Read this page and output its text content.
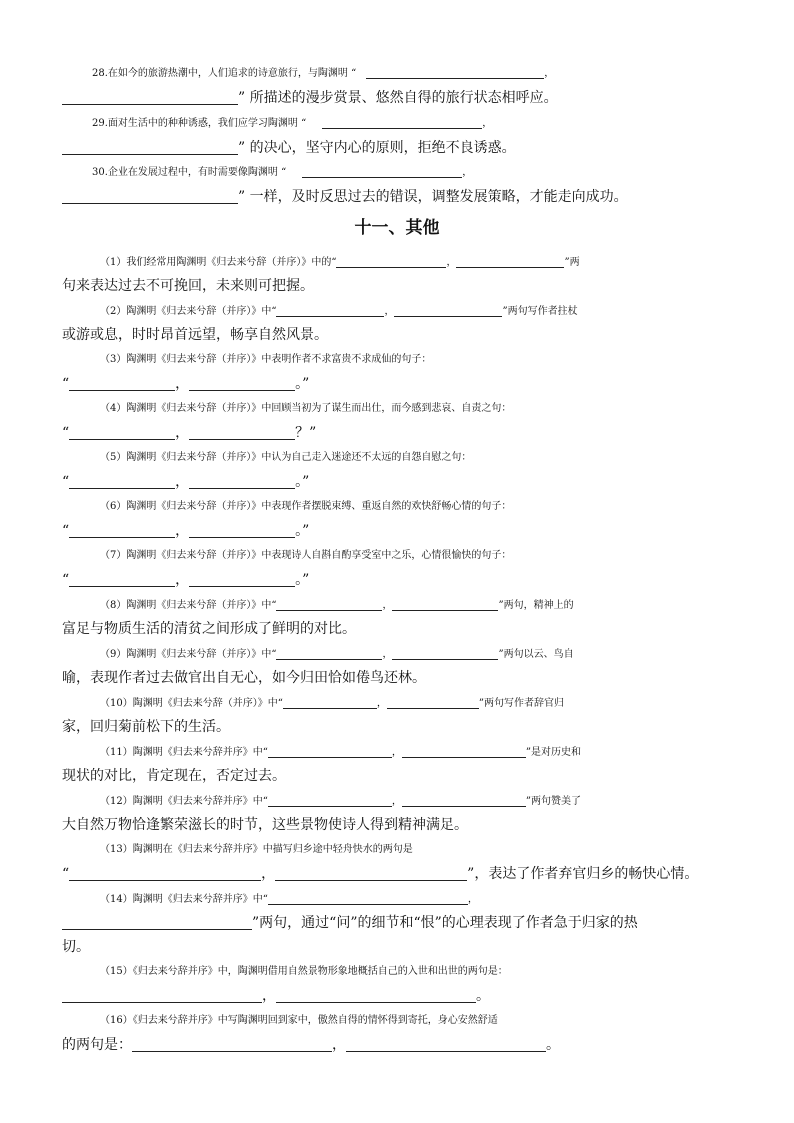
28.在如今的旅游热潮中，人们追求的诗意旅行，与陶渊明 “	，
” 所描述的漫步赏景、悠然自得的旅行状态相呼应。
29.面对生活中的种种诱惑，我们应学习陶渊明 “	，
” 的决心，坚守内心的原则，拒绝不良诱惑。
30.企业在发展过程中，有时需要像陶渊明 “	，
” 一样，及时反思过去的错误，调整发展策略，才能走向成功。
十一、其他
（1）我们经常用陶渊明《归去来兮辞（并序）》中的“	，	”两
句来表达过去不可挽回，未来则可把握。
（2）陶渊明《归去来兮辞（并序）》中“	，	”两句写作者拄杖
或游或息，时时昂首远望，畅享自然风景。
（3）陶渊明《归去来兮辞（并序）》中表明作者不求富贵不求成仙的句子：
“	，	。”
（4）陶渊明《归去来兮辞（并序）》中回顾当初为了谋生而出仕，而今感到悲哀、自责之句：
“	，	？”
（5）陶渊明《归去来兮辞（并序）》中认为自己走入迷途还不太远的自怨自慰之句：
“	，	。”
（6）陶渊明《归去来兮辞（并序）》中表现作者摆脱束缚、重返自然的欢快舒畅心情的句子：
“	，	。”
（7）陶渊明《归去来兮辞（并序）》中表现诗人自斟自酌享受室中之乐，心情很愉快的句子：
“	，	。”
（8）陶渊明《归去来兮辞（并序）》中“	，	”两句，精神上的
富足与物质生活的清贫之间形成了鲜明的对比。
（9）陶渊明《归去来兮辞（并序）》中“	，	”两句以云、鸟自
喻，表现作者过去做官出自无心，如今归田恰如倦鸟还林。
（10）陶渊明《归去来兮辞（并序）》中“	，	”两句写作者辞官归
家，回归菊前松下的生活。
（11）陶渊明《归去来兮辞并序》中“	，	”是对历史和
现状的对比，肯定现在，否定过去。
（12）陶渊明《归去来兮辞并序》中“	，	”两句赞美了
大自然万物恰逢繁荣滋长的时节，这些景物使诗人得到精神满足。
（13）陶渊明在《归去来兮辞并序》中描写归乡途中轻舟快水的两句是
“	，	”，表达了作者弃官归乡的畅快心情。
（14）陶渊明《归去来兮辞并序》中“	，
”两句，通过“问”的细节和“恨”的心理表现了作者急于归家的热
切。
（15）《归去来兮辞并序》中，陶渊明借用自然景物形象地概括自己的入世和出世的两句是：
，	。
（16）《归去来兮辞并序》中写陶渊明回到家中，傲然自得的情怀得到寄托，身心安然舒适
的两句是：	，	。
